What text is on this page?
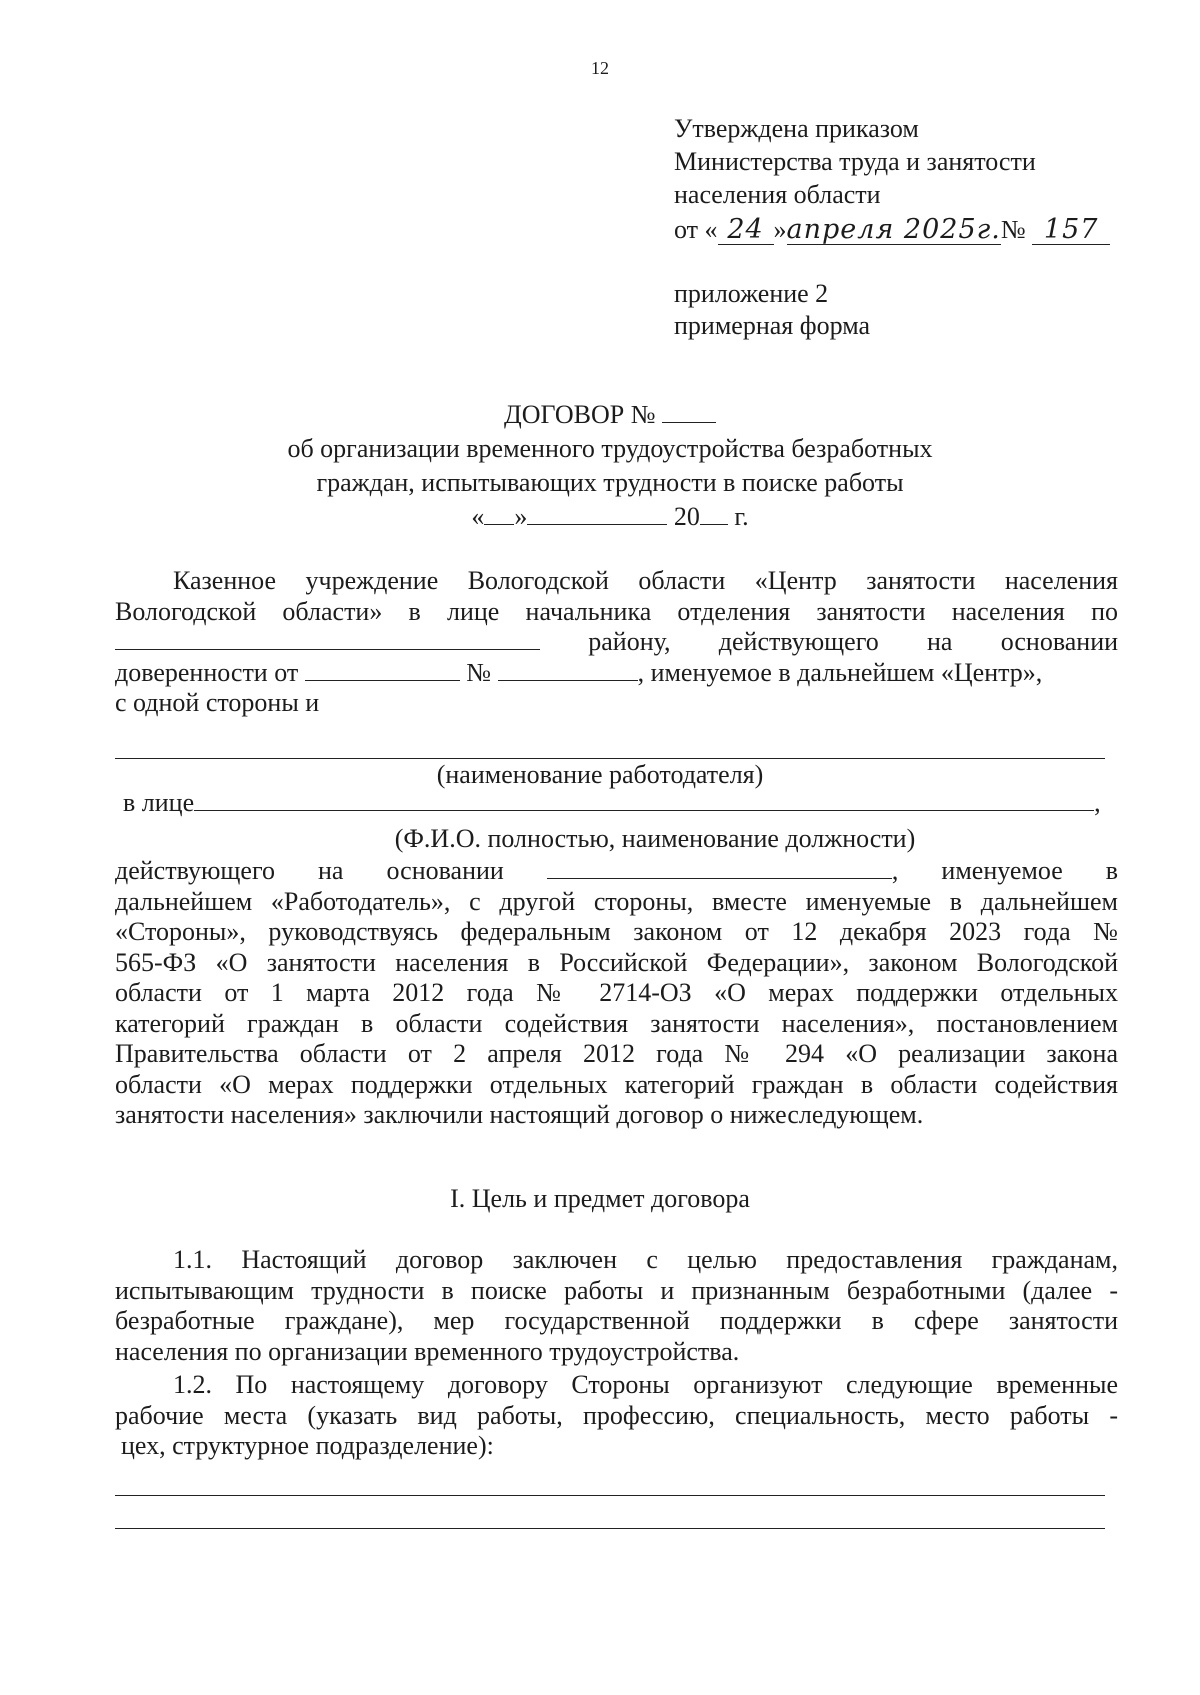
12
Утверждена приказом
Министерства труда и занятости
населения области
от « 24 »апреля 2025г.№ 157
приложение 2
примерная форма
ДОГОВОР №
об организации временного трудоустройства безработных
граждан, испытывающих трудности в поиске работы
« »	20 г.

Казенное учреждение Вологодской области «Центр занятости населения

Вологодской области» в лице начальника отделения занятости населения по

району, действующего на основании

доверенности от	№	, именуемое в дальнейшем «Центр»,

с одной стороны и

(наименование работодателя)
в лице	,
(Ф.И.О. полностью, наименование должности)

действующего на основании	, именуемое в

дальнейшем «Работодатель», с другой стороны, вместе именуемые в дальнейшем

«Стороны», руководствуясь федеральным законом от 12 декабря 2023 года №

565-ФЗ «О занятости населения в Российской Федерации», законом Вологодской

области от 1 марта 2012 года № 2714-ОЗ «О мерах поддержки отдельных

категорий граждан в области содействия занятости населения», постановлением

Правительства области от 2 апреля 2012 года № 294 «О реализации закона

области «О мерах поддержки отдельных категорий граждан в области содействия

занятости населения» заключили настоящий договор о нижеследующем.

I. Цель и предмет договора

1.1. Настоящий договор заключен с целью предоставления гражданам,

испытывающим трудности в поиске работы и признанным безработными (далее -

безработные граждане), мер государственной поддержки в сфере занятости

населения по организации временного трудоустройства.

1.2. По настоящему договору Стороны организуют следующие временные

рабочие места (указать вид работы, профессию, специальность, место работы -

цех, структурное подразделение):
